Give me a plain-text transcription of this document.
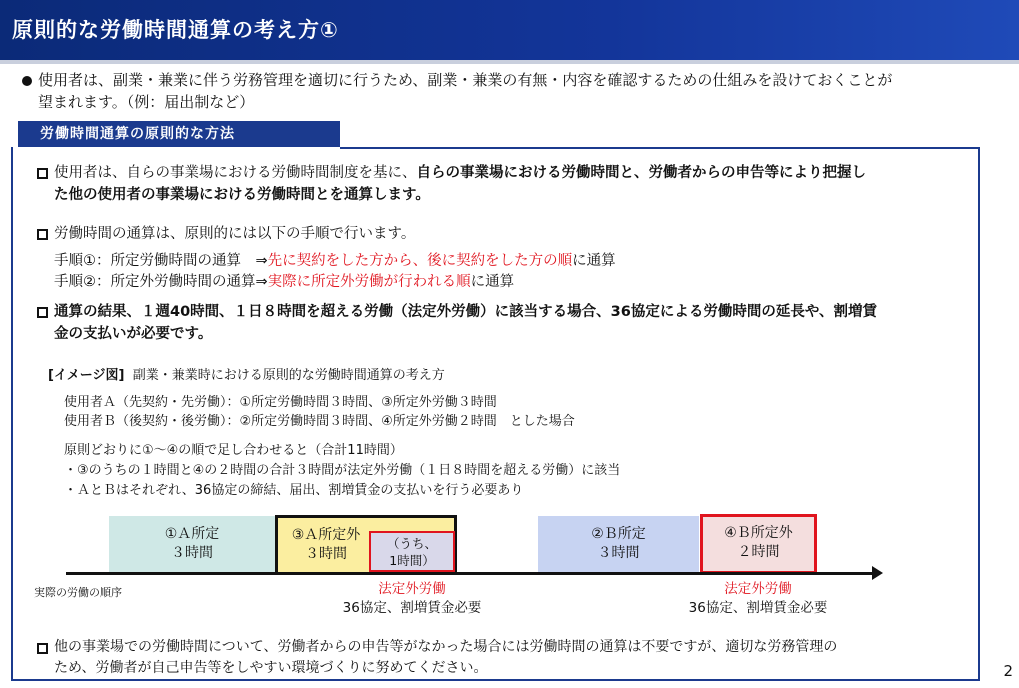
原則的な労働時間通算の考え方①
使用者は、副業・兼業に伴う労務管理を適切に行うため、副業・兼業の有無・内容を確認するための仕組みを設けておくことが
望まれます。（例：届出制など）
労働時間通算の原則的な方法
使用者は、自らの事業場における労働時間制度を基に、自らの事業場における労働時間と、労働者からの申告等により把握し
た他の使用者の事業場における労働時間とを通算します。
労働時間の通算は、原則的には以下の手順で行います。
手順①：所定労働時間の通算　⇒先に契約をした方から、後に契約をした方の順に通算
手順②：所定外労働時間の通算⇒実際に所定外労働が行われる順に通算
通算の結果、１週40時間、１日８時間を超える労働（法定外労働）に該当する場合、36協定による労働時間の延長や、割増賃
金の支払いが必要です。
[イメージ図] 副業・兼業時における原則的な労働時間通算の考え方
使用者Ａ（先契約・先労働）：①所定労働時間３時間、③所定外労働３時間
使用者Ｂ（後契約・後労働）：②所定労働時間３時間、④所定外労働２時間　とした場合
原則どおりに①～④の順で足し合わせると（合計11時間）
・③のうちの１時間と④の２時間の合計３時間が法定外労働（１日８時間を超える労働）に該当
・ＡとＢはそれぞれ、36協定の締結、届出、割増賃金の支払いを行う必要あり
①Ａ所定
３時間
③Ａ所定外
３時間
（うち、
1時間）
②Ｂ所定
３時間
④Ｂ所定外
２時間
実際の労働の順序	法定外労働
36協定、割増賃金必要
法定外労働
36協定、割増賃金必要
他の事業場での労働時間について、労働者からの申告等がなかった場合には労働時間の通算は不要ですが、適切な労務管理の
ため、労働者が自己申告等をしやすい環境づくりに努めてください。	2
